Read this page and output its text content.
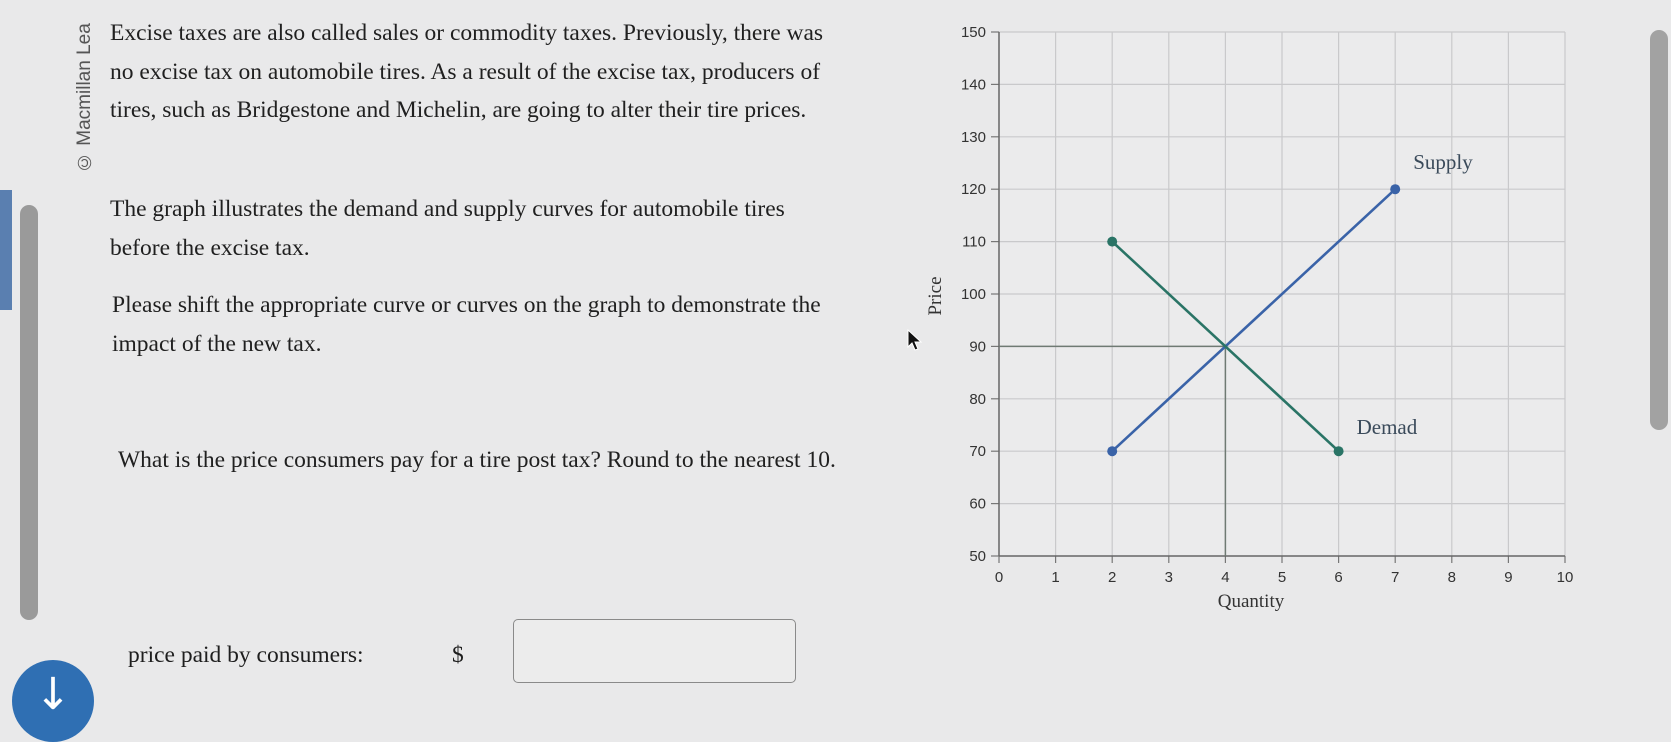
© Macmillan Lea Excise taxes are also called sales or commodity taxes. Previously, there was no excise tax on automobile tires. As a result of the excise tax, producers of tires, such as Bridgestone and Michelin, are going to alter their tire prices.
The graph illustrates the demand and supply curves for automobile tires before the excise tax.
Please shift the appropriate curve or curves on the graph to demonstrate the impact of the new tax.
What is the price consumers pay for a tire post tax? Round to the nearest 10.
price paid by consumers:	$
↓
0	1	2	3	4	5	6	7	8	9	10
50
60
70
80
90
100
110
120
130
140
150
Supply
Demad
Quantity
Price
